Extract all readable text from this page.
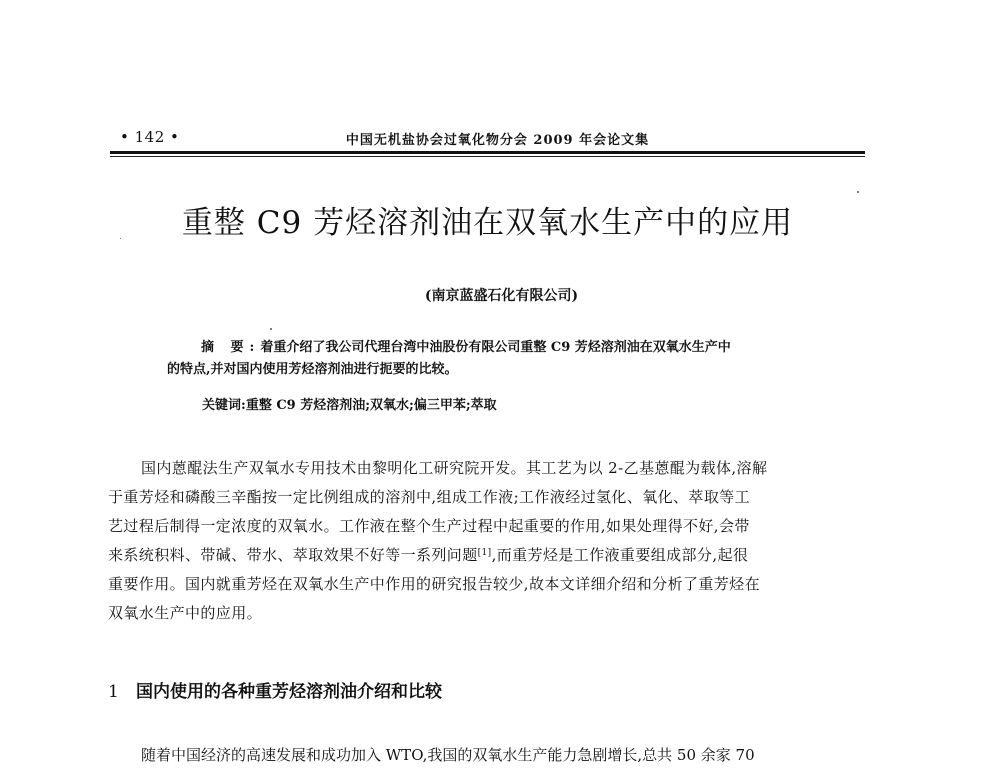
• 142 •	中国无机盐协会过氧化物分会 2009 年会论文集
重整 C9 芳烃溶剂油在双氧水生产中的应用
(南京蓝盛石化有限公司)
摘 要:着重介绍了我公司代理台湾中油股份有限公司重整 C9 芳烃溶剂油在双氧水生产中
的特点,并对国内使用芳烃溶剂油进行扼要的比较。
关键词:重整 C9 芳烃溶剂油;双氧水;偏三甲苯;萃取
国内蒽醌法生产双氧水专用技术由黎明化工研究院开发。其工艺为以 2-乙基蒽醌为载体,溶解
于重芳烃和磷酸三辛酯按一定比例组成的溶剂中,组成工作液;工作液经过氢化、氧化、萃取等工
艺过程后制得一定浓度的双氧水。工作液在整个生产过程中起重要的作用,如果处理得不好,会带
来系统积料、带碱、带水、萃取效果不好等一系列问题[1],而重芳烃是工作液重要组成部分,起很
重要作用。国内就重芳烃在双氧水生产中作用的研究报告较少,故本文详细介绍和分析了重芳烃在
双氧水生产中的应用。
1 国内使用的各种重芳烃溶剂油介绍和比较
随着中国经济的高速发展和成功加入 WTO,我国的双氧水生产能力急剧增长,总共 50 余家 70
